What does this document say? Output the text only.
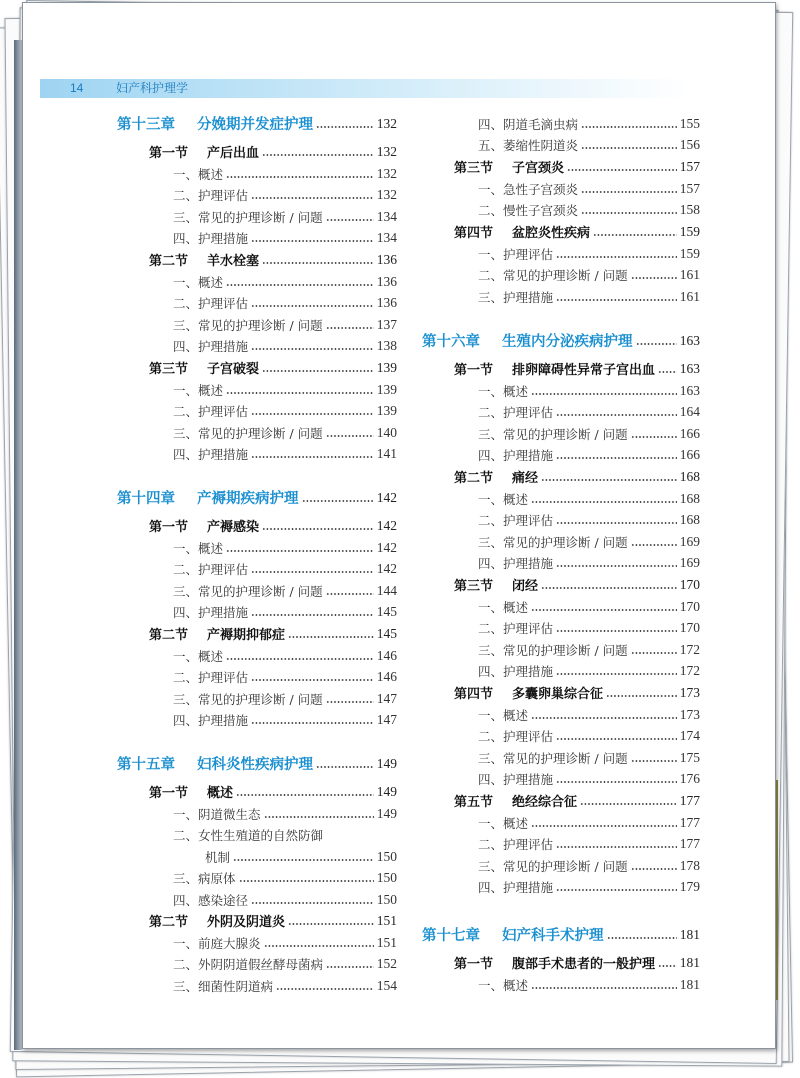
14	妇产科护理学
第十三章 分娩期并发症护理	132
第一节 产后出血	132
一、概述	132
二、护理评估	132
三、常见的护理诊断 / 问题	134
四、护理措施	134
第二节 羊水栓塞	136
一、概述	136
二、护理评估	136
三、常见的护理诊断 / 问题	137
四、护理措施	138
第三节 子宫破裂	139
一、概述	139
二、护理评估	139
三、常见的护理诊断 / 问题	140
四、护理措施	141
第十四章 产褥期疾病护理	142
第一节 产褥感染	142
一、概述	142
二、护理评估	142
三、常见的护理诊断 / 问题	144
四、护理措施	145
第二节 产褥期抑郁症	145
一、概述	146
二、护理评估	146
三、常见的护理诊断 / 问题	147
四、护理措施	147
第十五章 妇科炎性疾病护理	149
第一节 概述	149
一、阴道微生态	149
二、女性生殖道的自然防御
机制	150
三、病原体	150
四、感染途径	150
第二节 外阴及阴道炎	151
一、前庭大腺炎	151
二、外阴阴道假丝酵母菌病	152
三、细菌性阴道病	154
四、阴道毛滴虫病	155
五、萎缩性阴道炎	156
第三节 子宫颈炎	157
一、急性子宫颈炎	157
二、慢性子宫颈炎	158
第四节 盆腔炎性疾病	159
一、护理评估	159
二、常见的护理诊断 / 问题	161
三、护理措施	161
第十六章 生殖内分泌疾病护理	163
第一节 排卵障碍性异常子宫出血 163
一、概述	163
二、护理评估	164
三、常见的护理诊断 / 问题	166
四、护理措施	166
第二节 痛经	168
一、概述	168
二、护理评估	168
三、常见的护理诊断 / 问题	169
四、护理措施	169
第三节 闭经	170
一、概述	170
二、护理评估	170
三、常见的护理诊断 / 问题	172
四、护理措施	172
第四节 多囊卵巢综合征	173
一、概述	173
二、护理评估	174
三、常见的护理诊断 / 问题	175
四、护理措施	176
第五节 绝经综合征	177
一、概述	177
二、护理评估	177
三、常见的护理诊断 / 问题	178
四、护理措施	179
第十七章 妇产科手术护理	181
第一节 腹部手术患者的一般护理 181
一、概述	181
